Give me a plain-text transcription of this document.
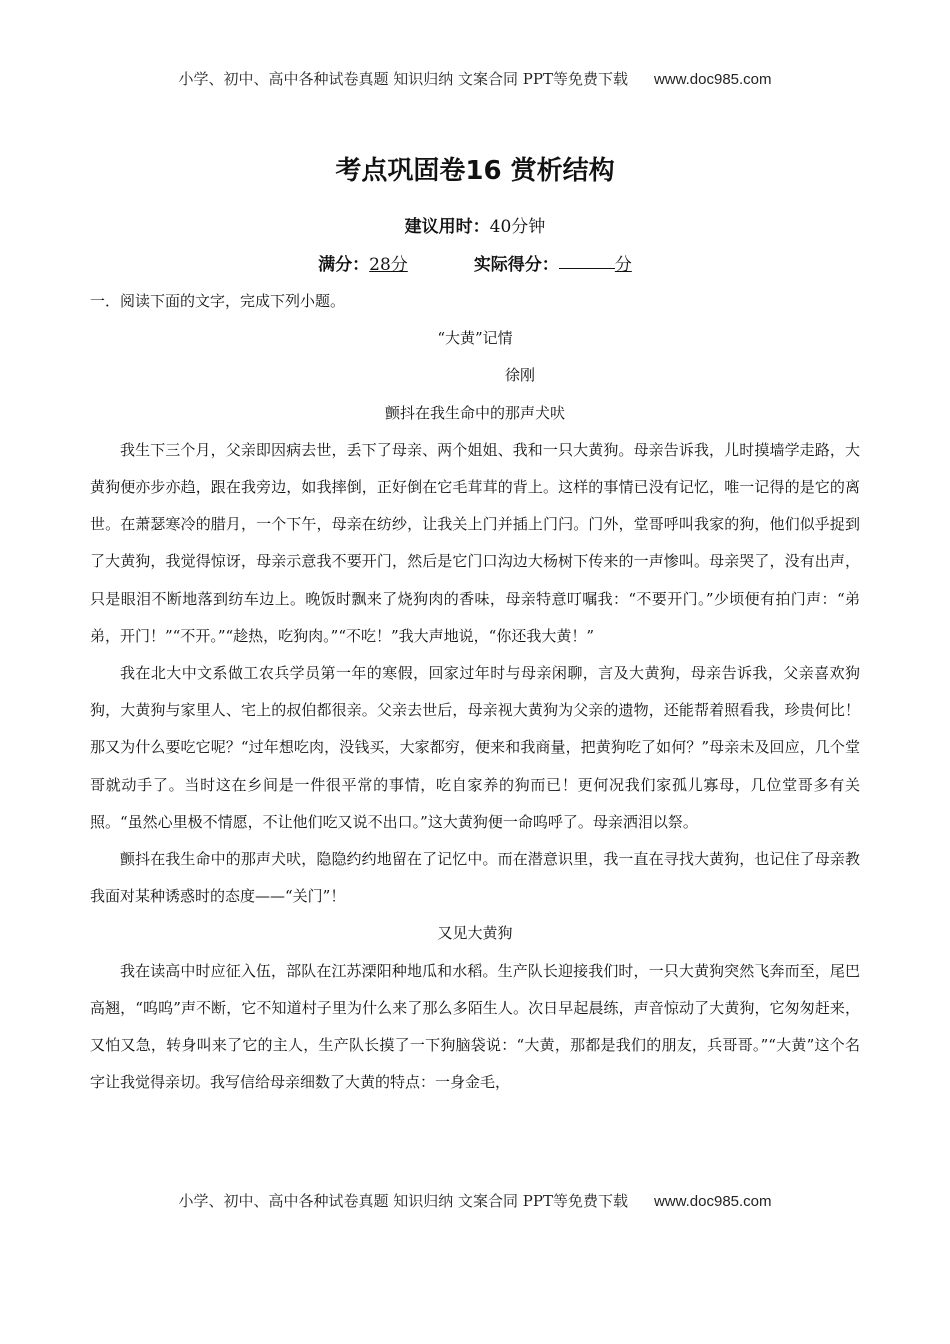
小学、初中、高中各种试卷真题 知识归纳 文案合同 PPT等免费下载 www.doc985.com
考点巩固卷16 赏析结构
建议用时：40分钟
满分：28分	实际得分：	分

一．阅读下面的文字，完成下列小题。

“大黄”记情

徐刚

颤抖在我生命中的那声犬吠

我生下三个月，父亲即因病去世，丢下了母亲、两个姐姐、我和一只大黄狗。母亲告诉我，儿时摸墙学走路，大黄狗便亦步亦趋，跟在我旁边，如我摔倒，正好倒在它毛茸茸的背上。这样的事情已没有记忆，唯一记得的是它的离世。在萧瑟寒冷的腊月，一个下午，母亲在纺纱，让我关上门并插上门闩。门外，堂哥呼叫我家的狗，他们似乎捉到了大黄狗，我觉得惊讶，母亲示意我不要开门，然后是它门口沟边大杨树下传来的一声惨叫。母亲哭了，没有出声，只是眼泪不断地落到纺车边上。晚饭时飘来了烧狗肉的香味，母亲特意叮嘱我：“不要开门。”少顷便有拍门声：“弟弟，开门！”“不开。”“趁热，吃狗肉。”“不吃！”我大声地说，“你还我大黄！”

我在北大中文系做工农兵学员第一年的寒假，回家过年时与母亲闲聊，言及大黄狗，母亲告诉我，父亲喜欢狗狗，大黄狗与家里人、宅上的叔伯都很亲。父亲去世后，母亲视大黄狗为父亲的遗物，还能帮着照看我，珍贵何比！那又为什么要吃它呢？“过年想吃肉，没钱买，大家都穷，便来和我商量，把黄狗吃了如何？”母亲未及回应，几个堂哥就动手了。当时这在乡间是一件很平常的事情，吃自家养的狗而已！更何况我们家孤儿寡母，几位堂哥多有关照。“虽然心里极不情愿，不让他们吃又说不出口。”这大黄狗便一命呜呼了。母亲洒泪以祭。

颤抖在我生命中的那声犬吠，隐隐约约地留在了记忆中。而在潜意识里，我一直在寻找大黄狗，也记住了母亲教我面对某种诱惑时的态度——“关门”！

又见大黄狗

我在读高中时应征入伍，部队在江苏溧阳种地瓜和水稻。生产队长迎接我们时，一只大黄狗突然飞奔而至，尾巴高翘，“呜呜”声不断，它不知道村子里为什么来了那么多陌生人。次日早起晨练，声音惊动了大黄狗，它匆匆赶来，又怕又急，转身叫来了它的主人，生产队长摸了一下狗脑袋说：“大黄，那都是我们的朋友，兵哥哥。”“大黄”这个名字让我觉得亲切。我写信给母亲细数了大黄的特点：一身金毛，

小学、初中、高中各种试卷真题 知识归纳 文案合同 PPT等免费下载 www.doc985.com
